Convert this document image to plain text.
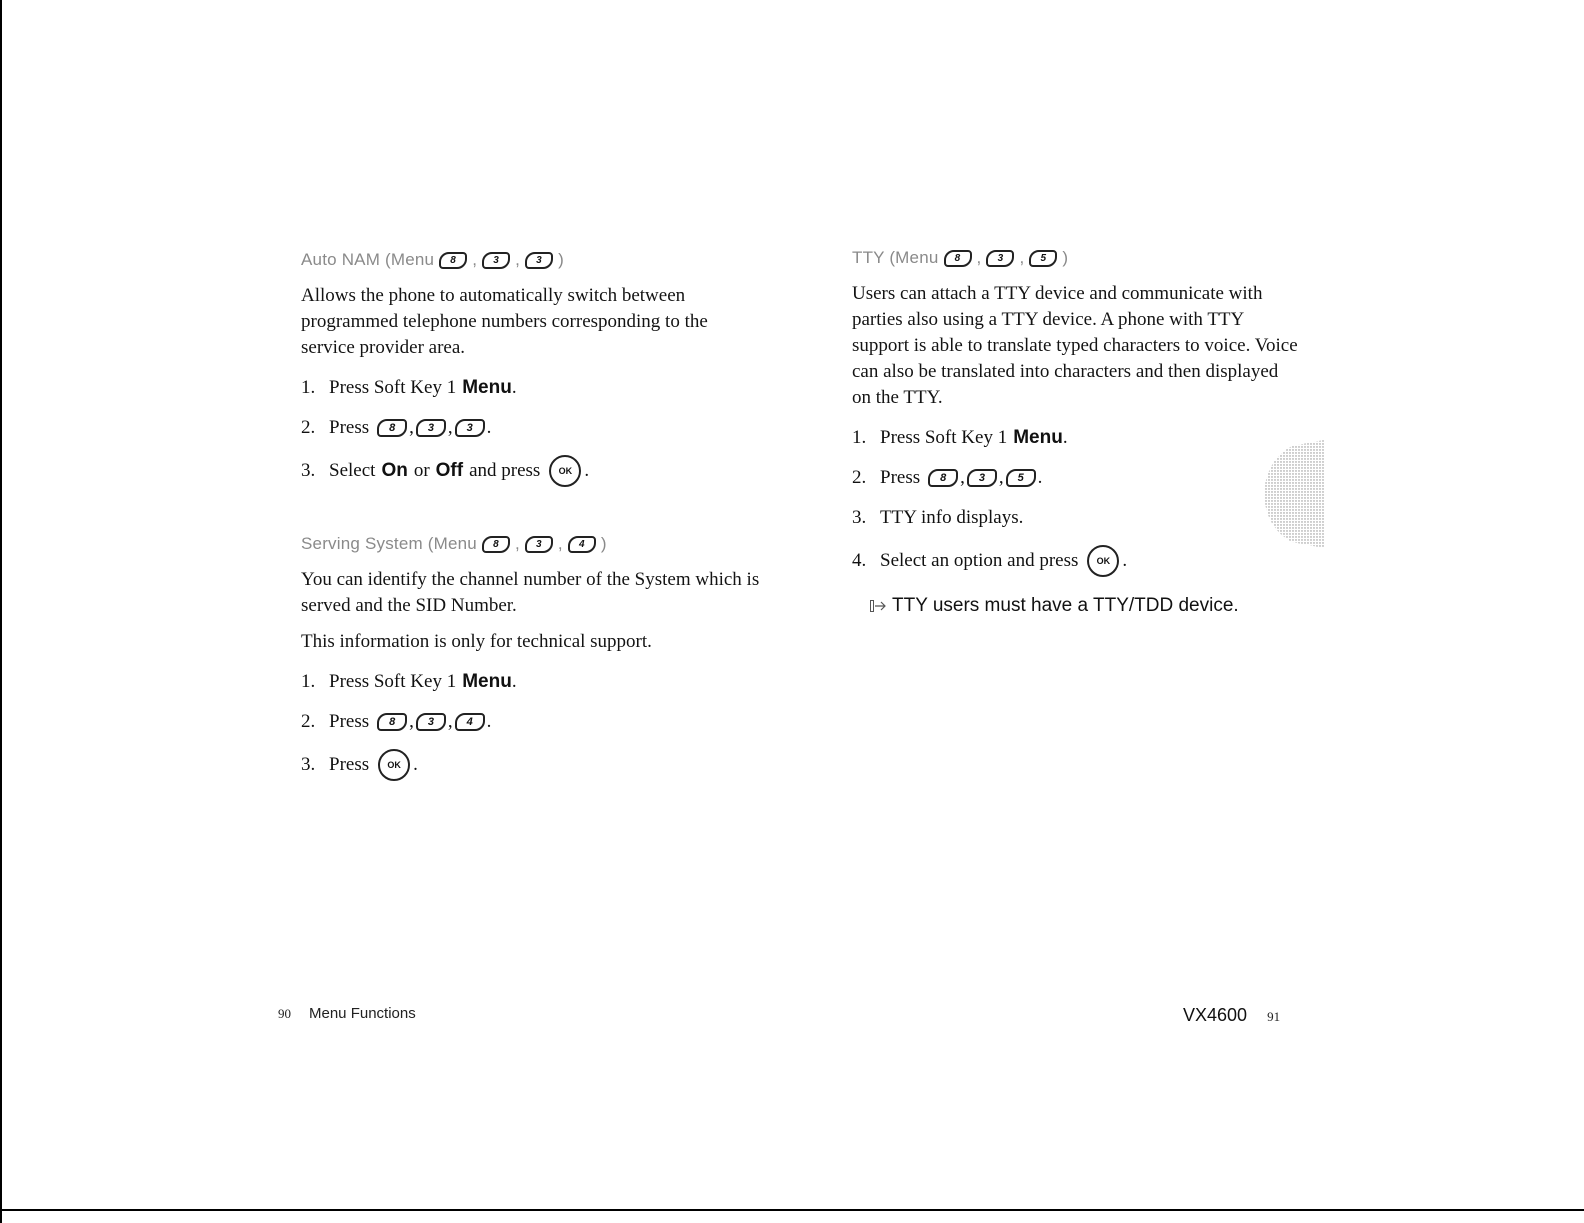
Auto NAM (Menu	8 ,	3 ,	3 )

Allows the phone to automatically switch between programmed telephone numbers corresponding to the service provider area.

1. Press Soft Key 1 Menu .
2. Press	8 ,	3 ,	3 .
3. Select On or Off and press	OK .
Serving System (Menu	8 ,	3 ,	4 )

You can identify the channel number of the System which is served and the SID Number.

This information is only for technical support.

1. Press Soft Key 1 Menu .
2. Press	8 ,	3 ,	4 .
3. Press	OK .
TTY (Menu	8 ,	3 ,	5 )

Users can attach a TTY device and communicate with parties also using a TTY device. A phone with TTY support is able to translate typed characters to voice. Voice can also be translated into characters and then displayed on the TTY.

1. Press Soft Key 1 Menu .
2. Press	8 ,	3 ,	5 .
3. TTY info displays.
4. Select an option and press	OK .
TTY users must have a TTY/TDD device.
90 Menu Functions	VX4600 91
